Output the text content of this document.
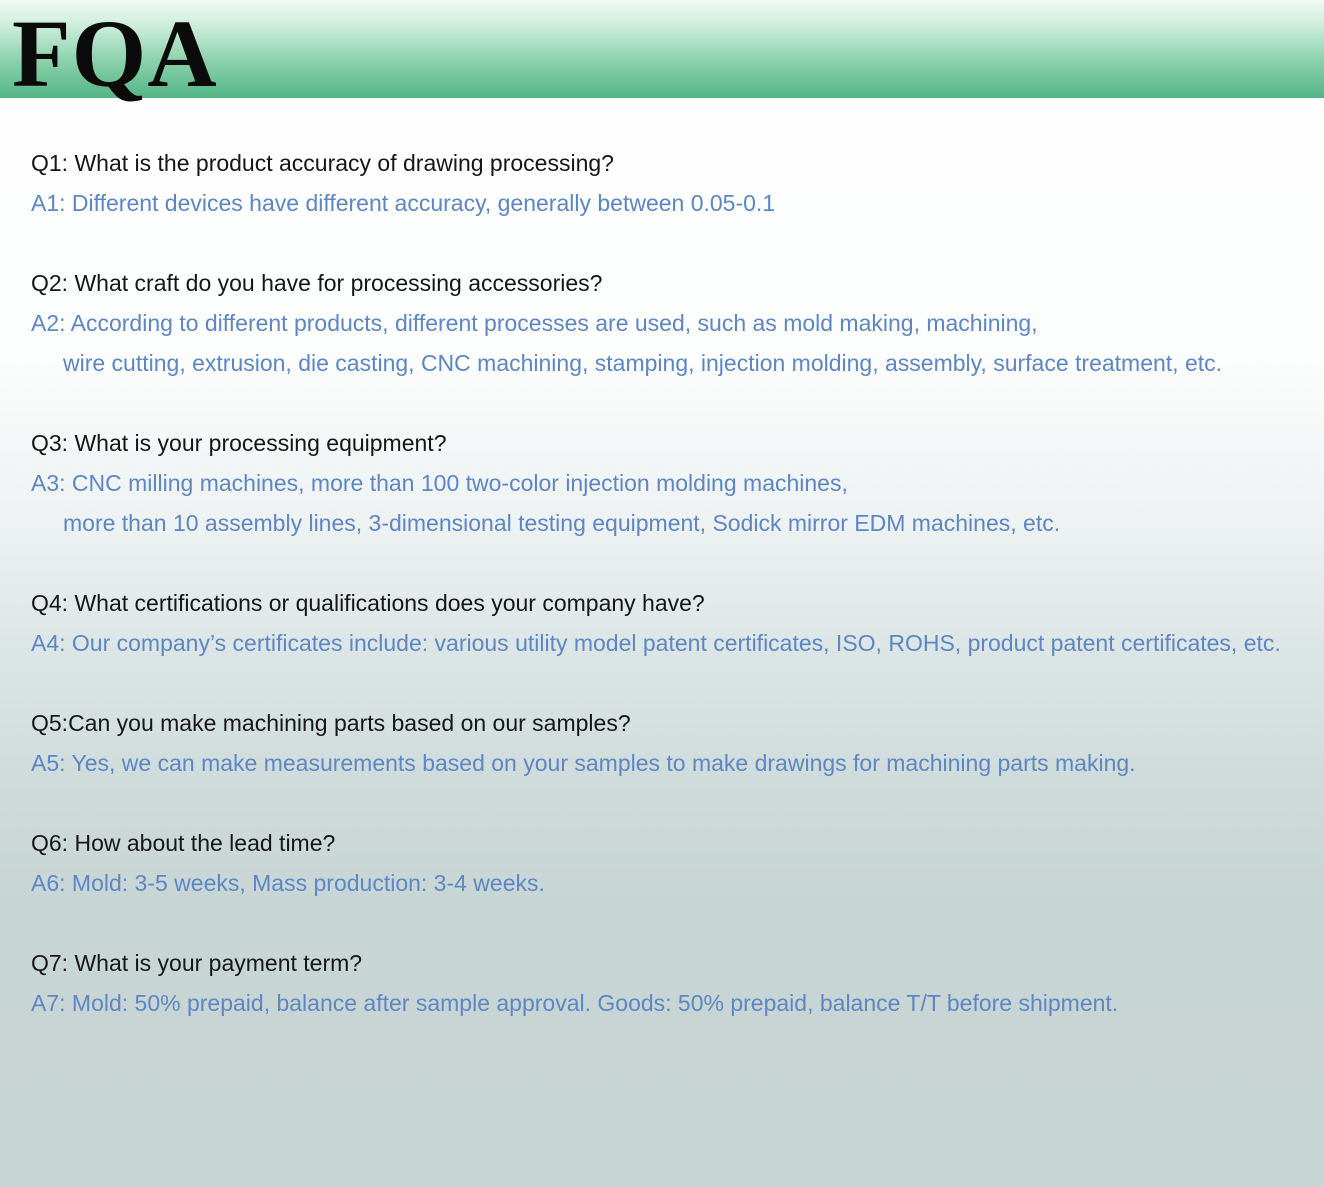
FQA
Q1: What is the product accuracy of drawing processing?
A1: Different devices have different accuracy, generally between 0.05-0.1
Q2: What craft do you have for processing accessories?
A2: According to different products, different processes are used, such as mold making, machining,
wire cutting, extrusion, die casting, CNC machining, stamping, injection molding, assembly, surface treatment, etc.
Q3: What is your processing equipment?
A3: CNC milling machines, more than 100 two-color injection molding machines,
more than 10 assembly lines, 3-dimensional testing equipment, Sodick mirror EDM machines, etc.
Q4: What certifications or qualifications does your company have?
A4: Our company’s certificates include: various utility model patent certificates, ISO, ROHS, product patent certificates, etc.
Q5:Can you make machining parts based on our samples?
A5: Yes, we can make measurements based on your samples to make drawings for machining parts making.
Q6: How about the lead time?
A6: Mold: 3-5 weeks, Mass production: 3-4 weeks.
Q7: What is your payment term?
A7: Mold: 50% prepaid, balance after sample approval. Goods: 50% prepaid, balance T/T before shipment.
